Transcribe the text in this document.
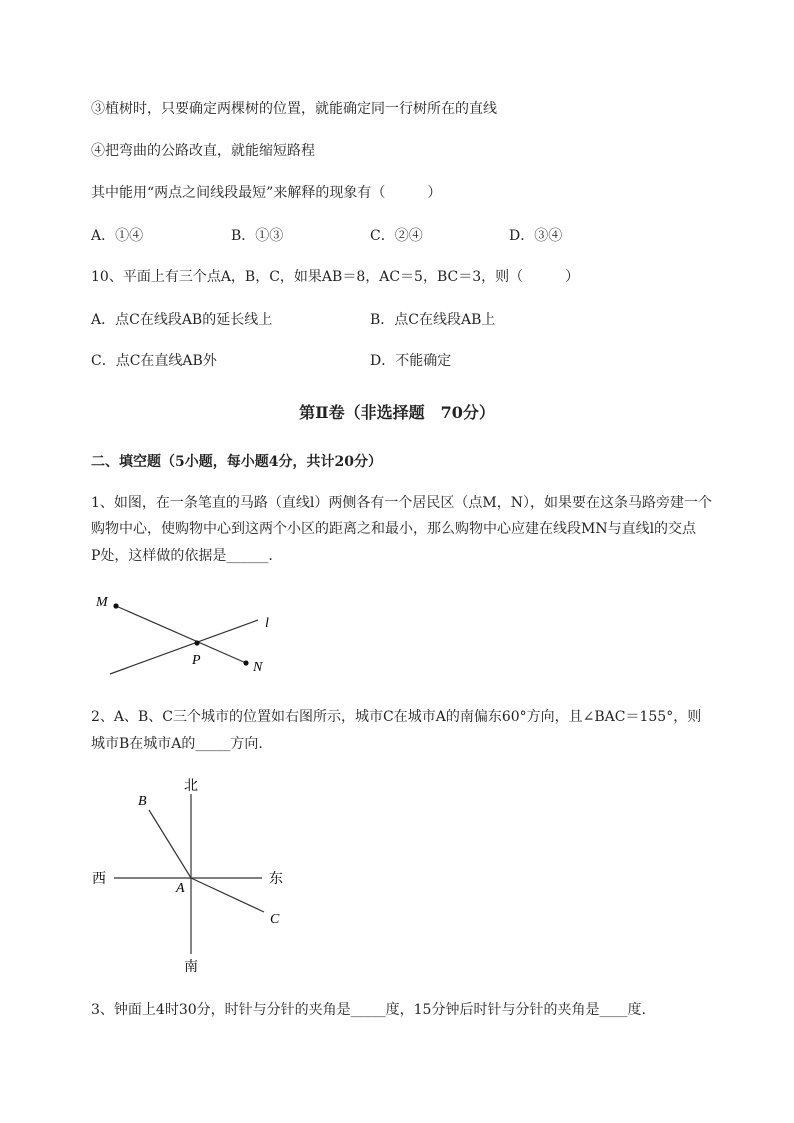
③植树时，只要确定两棵树的位置，就能确定同一行树所在的直线
④把弯曲的公路改直，就能缩短路程
其中能用“两点之间线段最短”来解释的现象有（　　　）
A．①④	B．①③	C．②④	D．③④
10、平面上有三个点A，B，C，如果AB＝8，AC＝5，BC＝3，则（　　　）
A．点C在线段AB的延长线上	B．点C在线段AB上
C．点C在直线AB外	D．不能确定
第Ⅱ卷（非选择题　70分）
二、填空题（5小题，每小题4分，共计20分）
1、如图，在一条笔直的马路（直线l）两侧各有一个居民区（点M，N），如果要在这条马路旁建一个
购物中心，使购物中心到这两个小区的距离之和最小，那么购物中心应建在线段MN与直线l的交点
P处，这样做的依据是______.
M
N
P
l
2、A、B、C三个城市的位置如右图所示，城市C在城市A的南偏东60°方向，且∠BAC＝155°，则
城市B在城市A的_____方向.
北
南
西	东
A
B
C
3、钟面上4时30分，时针与分针的夹角是_____度，15分钟后时针与分针的夹角是____度.
